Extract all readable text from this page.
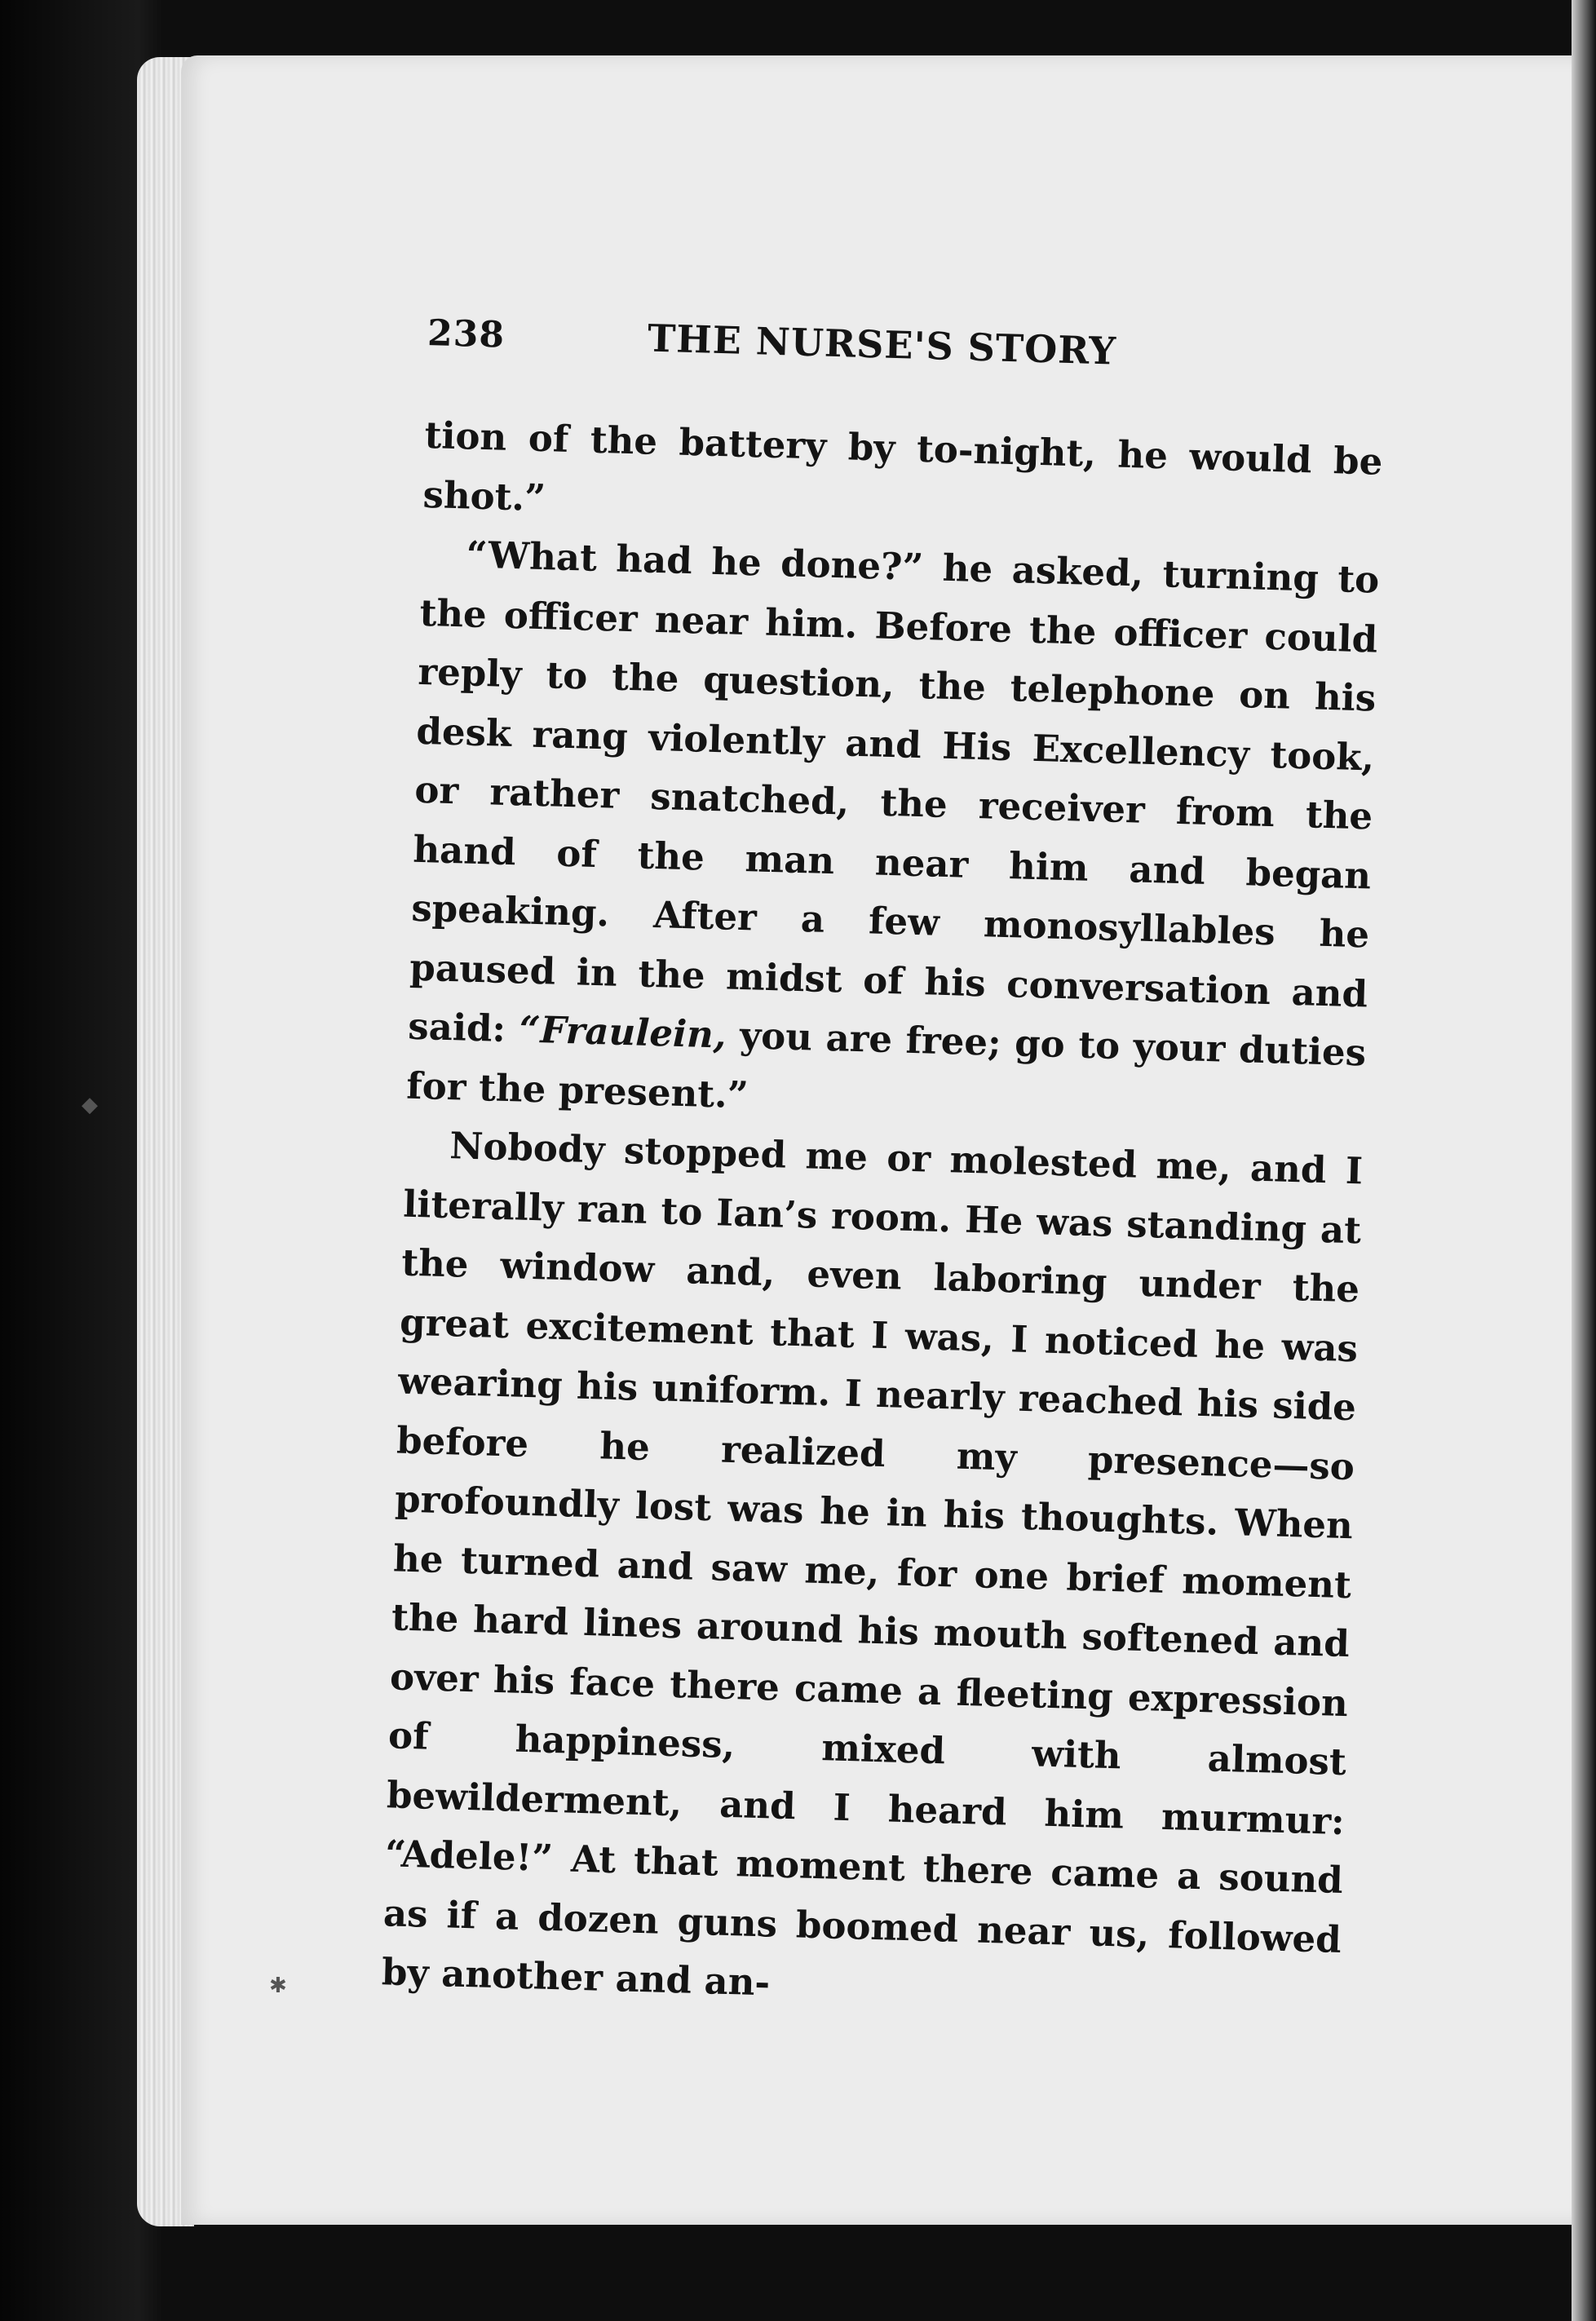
238	THE NURSE'S STORY

tion of the battery by to-night, he would be shot.”

“What had he done?” he asked, turning to the officer near him. Before the officer could reply to the question, the telephone on his desk rang violently and His Excellency took, or rather snatched, the receiver from the hand of the man near him and began speaking. After a few monosyllables he paused in the midst of his conversation and said: “Fraulein, you are free; go to your duties for the present.”

Nobody stopped me or molested me, and I literally ran to Ian’s room. He was standing at the window and, even laboring under the great excitement that I was, I noticed he was wearing his uniform. I nearly reached his side before he realized my presence—so profoundly lost was he in his thoughts. When he turned and saw me, for one brief moment the hard lines around his mouth softened and over his face there came a fleeting expression of happiness, mixed with almost bewilderment, and I heard him murmur: “Adele!” At that moment there came a sound as if a dozen guns boomed near us, followed by another and an-

◆
✱
